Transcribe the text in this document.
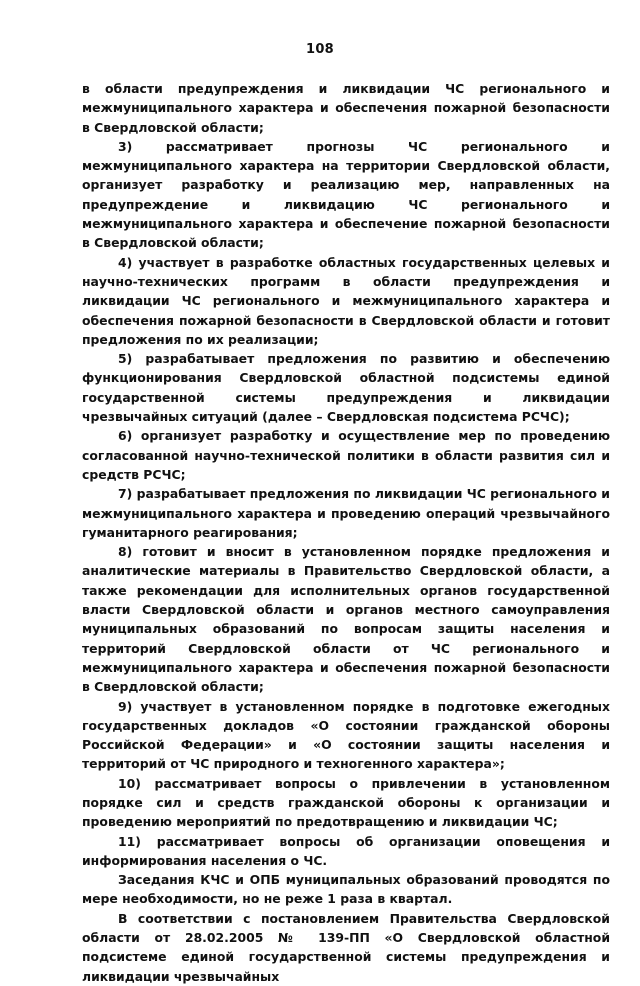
108

в области предупреждения и ликвидации ЧС регионального и межмуниципального характера и обеспечения пожарной безопасности в Свердловской области;

3) рассматривает прогнозы ЧС регионального и межмуниципального характера на территории Свердловской области, организует разработку и реализацию мер, направленных на предупреждение и ликвидацию ЧС регионального и межмуниципального характера и обеспечение пожарной безопасности в Свердловской области;

4) участвует в разработке областных государственных целевых и научно-технических программ в области предупреждения и ликвидации ЧС регионального и межмуниципального характера и обеспечения пожарной безопасности в Свердловской области и готовит предложения по их реализации;

5) разрабатывает предложения по развитию и обеспечению функционирования Свердловской областной подсистемы единой государственной системы предупреждения и ликвидации чрезвычайных ситуаций (далее – Свердловская подсистема РСЧС);

6) организует разработку и осуществление мер по проведению согласованной научно-технической политики в области развития сил и средств РСЧС;

7) разрабатывает предложения по ликвидации ЧС регионального и межмуниципального характера и проведению операций чрезвычайного гуманитарного реагирования;

8) готовит и вносит в установленном порядке предложения и аналитические материалы в Правительство Свердловской области, а также рекомендации для исполнительных органов государственной власти Свердловской области и органов местного самоуправления муниципальных образований по вопросам защиты населения и территорий Свердловской области от ЧС регионального и межмуниципального характера и обеспечения пожарной безопасности в Свердловской области;

9) участвует в установленном порядке в подготовке ежегодных государственных докладов «О состоянии гражданской обороны Российской Федерации» и «О состоянии защиты населения и территорий от ЧС природного и техногенного характера»;

10) рассматривает вопросы о привлечении в установленном порядке сил и средств гражданской обороны к организации и проведению мероприятий по предотвращению и ликвидации ЧС;

11) рассматривает вопросы об организации оповещения и информирования населения о ЧС.

Заседания КЧС и ОПБ муниципальных образований проводятся по мере необходимости, но не реже 1 раза в квартал.

В соответствии с постановлением Правительства Свердловской области от 28.02.2005 № 139-ПП «О Свердловской областной подсистеме единой государственной системы предупреждения и ликвидации чрезвычайных
